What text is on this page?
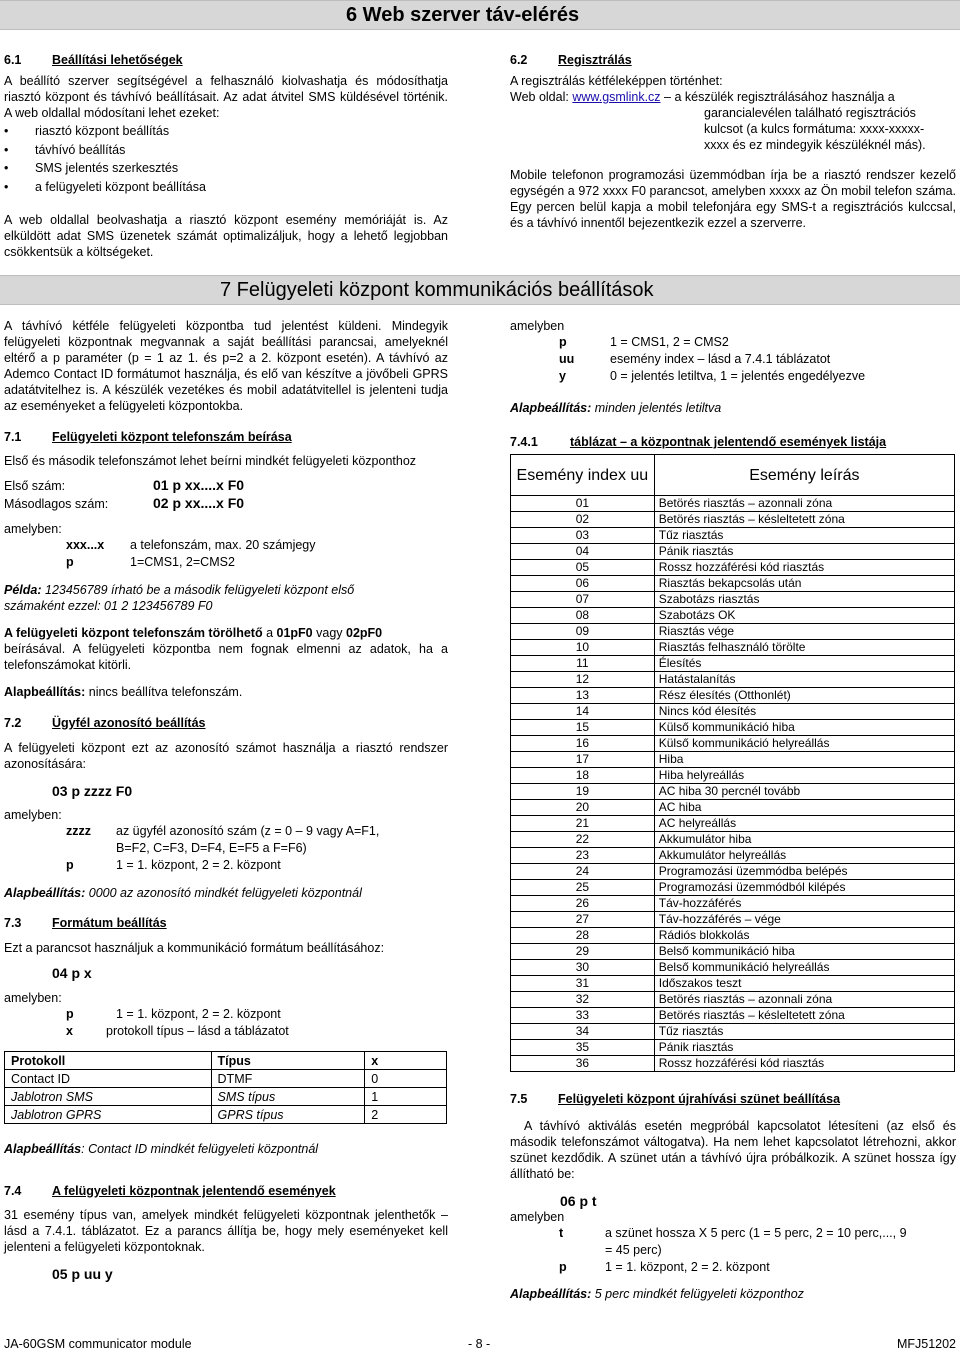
6 Web szerver táv-elérés
6.1 Beállítási lehetőségek

A beállító szerver segítségével a felhasználó kiolvashatja és módosíthatja riasztó központ és távhívó beállításait. Az adat átvitel SMS küldésével történik. A web oldallal módosítani lehet ezeket:

• riasztó központ beállítás
• távhívó beállítás
• SMS jelentés szerkesztés
• a felügyeleti központ beállítása

A web oldallal beolvashatja a riasztó központ esemény memóriáját is. Az elküldött adat SMS üzenetek számát optimalizáljuk, hogy a lehető legjobban csökkentsük a költségeket.

6.2 Regisztrálás
A regisztrálás kétféleképpen történhet:
Web oldal: www.gsmlink.cz – a készülék regisztrálásához használja a
garancialevélen található regisztrációs
kulcsot (a kulcs formátuma: xxxx-xxxxx-
xxxx és ez mindegyik készüléknél más).

Mobile telefonon programozási üzemmódban írja be a riasztó rendszer kezelő egységén a 972 xxxx F0 parancsot, amelyben xxxxx az Ön mobil telefon száma. Egy percen belül kapja a mobil telefonjára egy SMS-t a regisztrációs kulccsal, és a távhívó innentől bejezentkezik ezzel a szerverre.

7 Felügyeleti központ kommunikációs beállítások

A távhívó kétféle felügyeleti központba tud jelentést küldeni. Mindegyik felügyeleti központnak megvannak a saját beállítási parancsai, amelyeknél eltérő a p paraméter (p = 1 az 1. és p=2 a 2. központ esetén). A távhívó az Ademco Contact ID formátumot használja, és elő van készítve a jövőbeli GPRS adatátvitelhez is. A készülék vezetékes és mobil adatátvitellel is jelenteni tudja az eseményeket a felügyeleti központokba.

7.1 Felügyeleti központ telefonszám beírása
Első és második telefonszámot lehet beírni mindkét felügyeleti központhoz
Első szám:	01 p xx....x F0
Másodlagos szám:	02 p xx....x F0
amelyben:
xxx...x a telefonszám, max. 20 számjegy
p	1=CMS1, 2=CMS2
Példa: 123456789 írható be a második felügyeleti központ első
számaként ezzel: 01 2 123456789 F0
A felügyeleti központ telefonszám törölhető a 01pF0 vagy 02pF0
beírásával. A felügyeleti központba nem fognak elmenni az adatok, ha a telefonszámokat kitörli.
Alapbeállítás: nincs beállítva telefonszám.
7.2 Ügyfél azonosító beállítás

A felügyeleti központ ezt az azonosító számot használja a riasztó rendszer azonosítására:

03 p zzzz F0
amelyben:
zzzz az ügyfél azonosító szám (z = 0 – 9 vagy A=F1,
B=F2, C=F3, D=F4, E=F5 a F=F6)
p	1 = 1. központ, 2 = 2. központ
Alapbeállítás: 0000 az azonosító mindkét felügyeleti központnál
7.3 Formátum beállítás
Ezt a parancsot használjuk a kommunikáció formátum beállításához:
04 p x
amelyben:
p	1 = 1. központ, 2 = 2. központ
x	protokoll típus – lásd a táblázatot
Protokoll	Típus	x
Contact ID	DTMF	0
Jablotron SMS	SMS típus	1
Jablotron GPRS	GPRS típus	2
Alapbeállítás: Contact ID mindkét felügyeleti központnál
7.4 A felügyeleti központnak jelentendő események

31 esemény típus van, amelyek mindkét felügyeleti központnak jelenthetők – lásd a 7.4.1. táblázatot. Ez a parancs állítja be, hogy mely eseményeket kell jelenteni a felügyeleti központoknak.

05 p uu y
amelyben
p	1 = CMS1, 2 = CMS2
uu	esemény index – lásd a 7.4.1 táblázatot
y	0 = jelentés letiltva, 1 = jelentés engedélyezve
Alapbeállítás: minden jelentés letiltva
7.4.1	táblázat – a központnak jelentendő események listája
Esemény index uu	Esemény leírás
01	Betörés riasztás – azonnali zóna
02	Betörés riasztás – késleltetett zóna
03	Tűz riasztás
04	Pánik riasztás
05	Rossz hozzáférési kód riasztás
06	Riasztás bekapcsolás után
07	Szabotázs riasztás
08	Szabotázs OK
09	Riasztás vége
10	Riasztás felhasználó törölte
11	Élesítés
12	Hatástalanítás
13	Rész élesítés (Otthonlét)
14	Nincs kód élesítés
15	Külső kommunikáció hiba
16	Külső kommunikáció helyreállás
17	Hiba
18	Hiba helyreállás
19	AC hiba 30 percnél tovább
20	AC hiba
21	AC helyreállás
22	Akkumulátor hiba
23	Akkumulátor helyreállás
24	Programozási üzemmódba belépés
25	Programozási üzemmódból kilépés
26	Táv-hozzáférés
27	Táv-hozzáférés – vége
28	Rádiós blokkolás
29	Belső kommunikáció hiba
30	Belső kommunikáció helyreállás
31	Időszakos teszt
32	Betörés riasztás – azonnali zóna
33	Betörés riasztás – késleltetett zóna
34	Tűz riasztás
35	Pánik riasztás
36	Rossz hozzáférési kód riasztás
7.5 Felügyeleti központ újrahívási szünet beállítása

A távhívó aktiválás esetén megpróbál kapcsolatot létesíteni (az első és második telefonszámot váltogatva). Ha nem lehet kapcsolatot létrehozni, akkor szünet kezdődik. A szünet után a távhívó újra próbálkozik. A szünet hossza így állítható be:

06 p t
amelyben
t	a szünet hossza X 5 perc (1 = 5 perc, 2 = 10 perc,..., 9
= 45 perc)
p	1 = 1. központ, 2 = 2. központ
Alapbeállítás: 5 perc mindkét felügyeleti központhoz
JA-60GSM communicator module	- 8 -	MFJ51202
